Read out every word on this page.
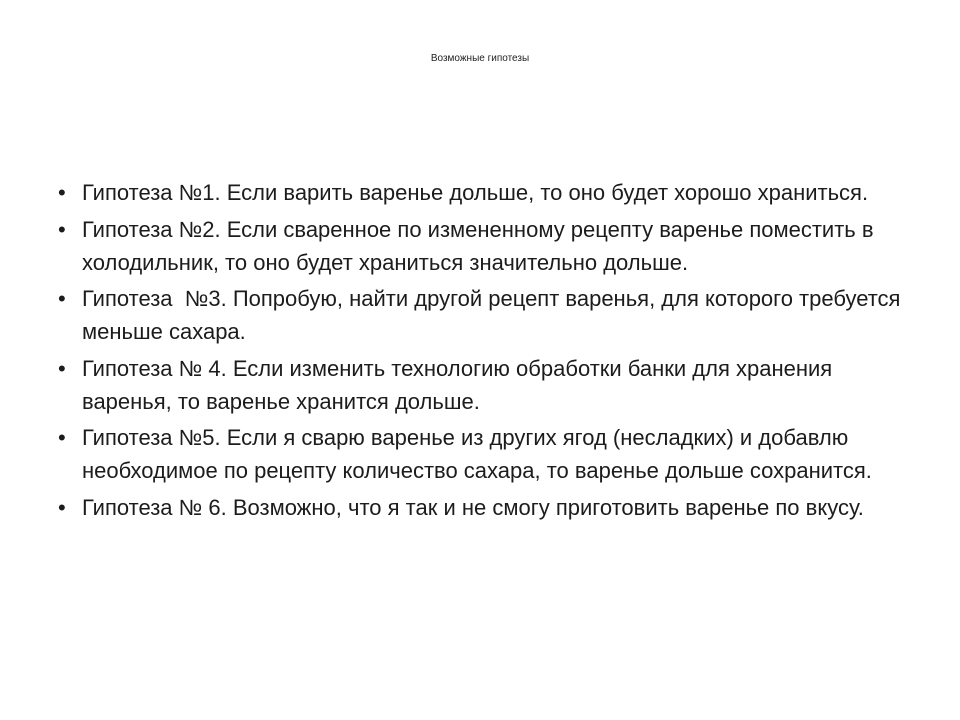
Возможные гипотезы
• Гипотеза №1. Если варить варенье дольше, то оно будет хорошо храниться.
• Гипотеза №2. Если сваренное по измененному рецепту варенье поместить в холодильник, то оно будет храниться значительно дольше.
• Гипотеза  №3. Попробую, найти другой рецепт варенья, для которого требуется меньше сахара.
• Гипотеза № 4. Если изменить технологию обработки банки для хранения варенья, то варенье хранится дольше.
• Гипотеза №5. Если я сварю варенье из других ягод (несладких) и добавлю необходимое по рецепту количество сахара, то варенье дольше сохранится.
• Гипотеза № 6. Возможно, что я так и не смогу приготовить варенье по вкусу.
